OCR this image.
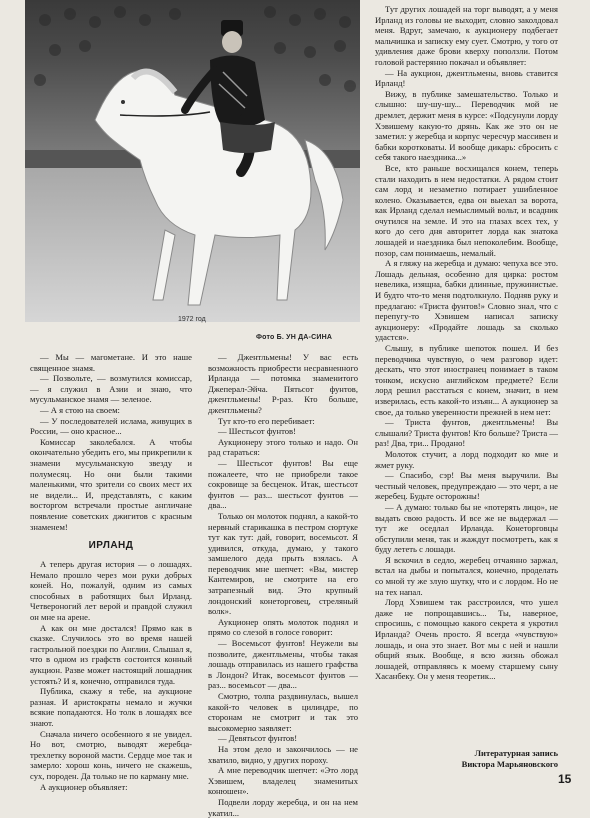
1972 год
Фото Б. УН ДА-СИНА

— Мы — магометане. И это наше священное знамя.

— Позвольте, — возмутился комиссар, — я служил в Азии и знаю, что мусульманское знамя — зеленое.

— А я стою на своем:

— У последователей ислама, живущих в России, — оно красное...

Комиссар заколебался. А чтобы окончательно убедить его, мы прикрепили к знамени мусульманскую звезду и полумесяц. Но они были такими маленькими, что зрители со своих мест их не видели... И, представлять, с каким восторгом встречали простые англичане появление советских джигитов с красным знаменем!

ИРЛАНД

А теперь другая история — о лошадях. Немало прошло через мои руки добрых коней. Но, пожалуй, одним из самых способных в работящих был Ирланд. Четвероногий лет верой и правдой служил он мне на арене.

А как он мне достался! Прямо как в сказке. Случилось это во время нашей гастрольной поездки по Англии. Слышал я, что в одном из графств состоится конный аукцион. Разве может настоящий лошадник устоять? И я, конечно, отправился туда.

Публика, скажу я тебе, на аукционе разная. И аристократы немало и жучки всякие попадаются. Но толк в лошадях все знают.

Сначала ничего особенного я не увидел. Но вот, смотрю, выводят жеребца-трехлетку вороной масти. Сердце мое так и замерло: хорош конь, ничего не скажешь, сух, породен. Да только не по карману мне.

А аукционер объявляет:

— Джентльмены! У вас есть возможность приобрести несравненного Ирланда — потомка знаменитого Джеперал-Эйча. Пятьсот фунтов, джентльмены! Р-раз. Кто больше, джентльмены?

Тут кто-то его перебивает:

— Шестьсот фунтов!

Аукционеру этого только и надо. Он рад стараться:

— Шестьсот фунтов! Вы еще пожалеете, что не приобрели такое сокровище за бесценок. Итак, шестьсот фунтов — раз... шестьсот фунтов — два...

Только он молоток поднял, а какой-то нервный старикашка в пестром сюртуке тут как тут: дай, говорит, восемьсот. Я удивился, откуда, думаю, у такого замшелого деда прыть взялась. А переводчик мне шепчет: «Вы, мистер Кантемиров, не смотрите на его затрапезный вид. Это крупный лондонский конеторговец, стреляный волк».

Аукционер опять молоток поднял и прямо со слезой в голосе говорит:

— Восемьсот фунтов! Неужели вы позволите, джентльмены, чтобы такая лошадь отправилась из нашего графства в Лондон? Итак, восемьсот фунтов — раз... восемьсот — два...

Смотрю, толпа раздвинулась, вышел какой-то человек в цилиндре, по сторонам не смотрит и так это высокомерно заявляет:

— Девятьсот фунтов!

На этом дело и закончилось — не хватило, видно, у других пороху.

А мне переводчик шепчет: «Это лорд Хэвишем, владелец знаменитых конюшен».

Подвели лорду жеребца, и он на нем укатил...

Тут других лошадей на торг выводят, а у меня Ирланд из головы не выходит, словно заколдовал меня. Вдруг, замечаю, к аукционеру подбегает мальчишка и записку ему сует. Смотрю, у того от удивления даже брови кверху поползли. Потом головой растерянно покачал и объявляет:

— На аукцион, джентльмены, вновь ставится Ирланд!

Вижу, в публике замешательство. Только и слышно: шу-шу-шу... Переводчик мой не дремлет, держит меня в курсе: «Подсунули лорду Хэвишему какую-то дрянь. Как же это он не заметил: у жеребца и корпус чересчур массивен и бабки коротковаты. И вообще дикарь: сбросить с себя такого наездника...»

Все, кто раньше восхищался конем, теперь стали находить в нем недостатки. А рядом стоит сам лорд и незаметно потирает ушибленное колено. Оказывается, едва он выехал за ворота, как Ирланд сделал немыслимый вольт, и всадник очутился на земле. И это на глазах всех тех, у кого до сего дня авторитет лорда как знатока лошадей и наездника был непоколебим. Вообще, позор, сам понимаешь, немалый.

А я гляжу на жеребца и думаю: чепуха все это. Лошадь дельная, особенно для цирка: ростом невелика, изящна, бабки длинные, пружинистые. И будто что-то меня подтолкнуло. Подняв руку и предлагаю: «Триста фунтов!» Словно знал, что с перепугу-то Хэвишем написал записку аукционеру: «Продайте лошадь за сколько удастся».

Слышу, в публике шепоток пошел. И без переводчика чувствую, о чем разговор идет: дескать, что этот иностранец понимает в таком тонком, искусно английском предмете? Если лорд решил расстаться с конем, значит, в нем изверилась, есть какой-то изъян... А аукционер за свое, да только уверенности прежней в нем нет:

— Триста фунтов, джентльмены! Вы слышали? Триста фунтов! Кто больше? Триста — раз! Два, три... Продано!

Молоток стучит, а лорд подходит ко мне и жмет руку.

— Спасибо, сэр! Вы меня выручили. Вы честный человек, предупреждаю — это черт, а не жеребец. Будьте осторожны!

— А думаю: только бы не «потерять лицо», не выдать свою радость. И все же не выдержал — тут же оседлал Ирланда. Конеторговцы обступили меня, так и жаждут посмотреть, как я буду лететь с лошади.

Я вскочил в седло, жеребец отчаянно заржал, встал на дыбы и попытался, конечно, проделать со мной ту же злую шутку, что и с лордом. Но не на тех напал.

Лорд Хэвишем так расстроился, что ушел даже не попрощавшись... Ты, наверное, спросишь, с помощью какого секрета я укротил Ирланда? Очень просто. Я всегда «чувствую» лошадь, и она это знает. Вот мы с ней и нашли общий язык. Вообще, я всю жизнь обожал лошадей, отправляясь к моему старшему сыну Хасанбеку. Он у меня теоретик...

Литературная запись
Виктора Марьяновского
15
